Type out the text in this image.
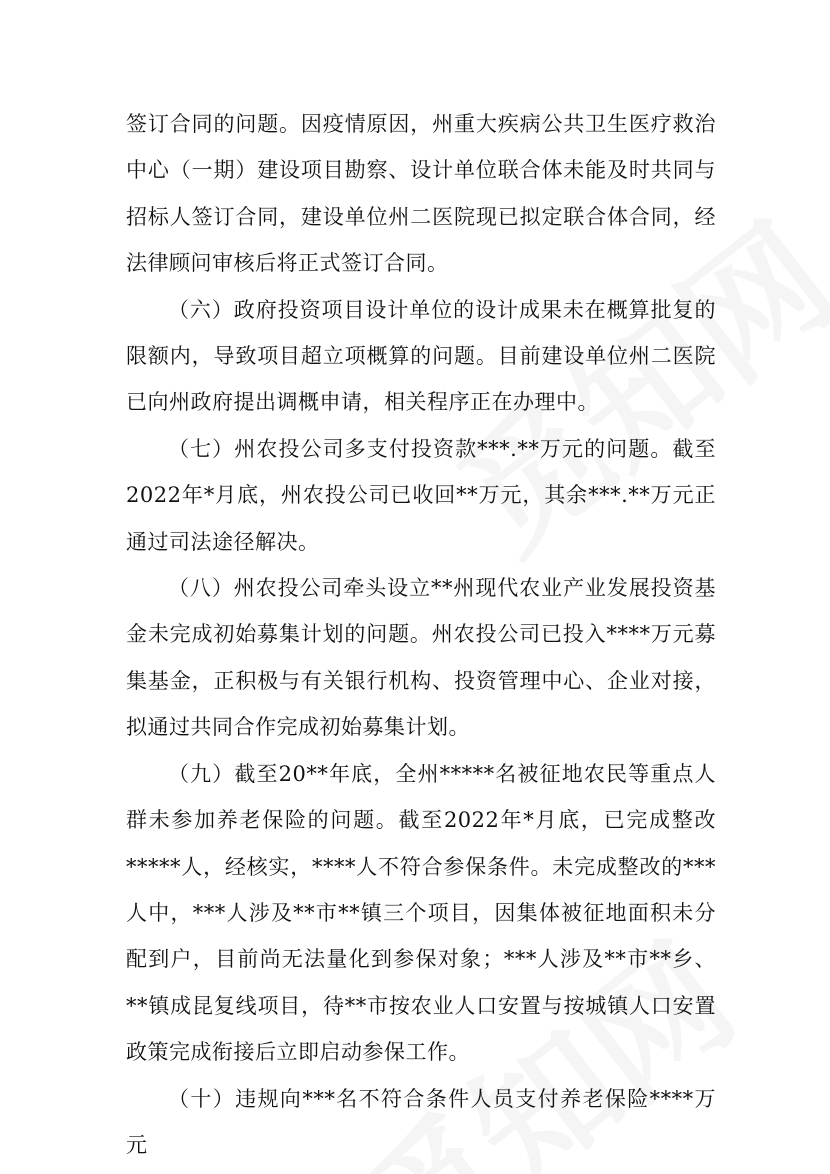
签订合同的问题。因疫情原因，州重大疾病公共卫生医疗救治中心（一期）建设项目勘察、设计单位联合体未能及时共同与招标人签订合同，建设单位州二医院现已拟定联合体合同，经法律顾问审核后将正式签订合同。

（六）政府投资项目设计单位的设计成果未在概算批复的限额内，导致项目超立项概算的问题。目前建设单位州二医院已向州政府提出调概申请，相关程序正在办理中。

（七）州农投公司多支付投资款***.**万元的问题。截至2022年*月底，州农投公司已收回**万元，其余***.**万元正通过司法途径解决。

（八）州农投公司牵头设立**州现代农业产业发展投资基金未完成初始募集计划的问题。州农投公司已投入****万元募集基金，正积极与有关银行机构、投资管理中心、企业对接，拟通过共同合作完成初始募集计划。

（九）截至20**年底，全州*****名被征地农民等重点人群未参加养老保险的问题。截至2022年*月底，已完成整改*****人，经核实，****人不符合参保条件。未完成整改的***人中，***人涉及**市**镇三个项目，因集体被征地面积未分配到户，目前尚无法量化到参保对象；***人涉及**市**乡、**镇成昆复线项目，待**市按农业人口安置与按城镇人口安置政策完成衔接后立即启动参保工作。

（十）违规向***名不符合条件人员支付养老保险****万元
